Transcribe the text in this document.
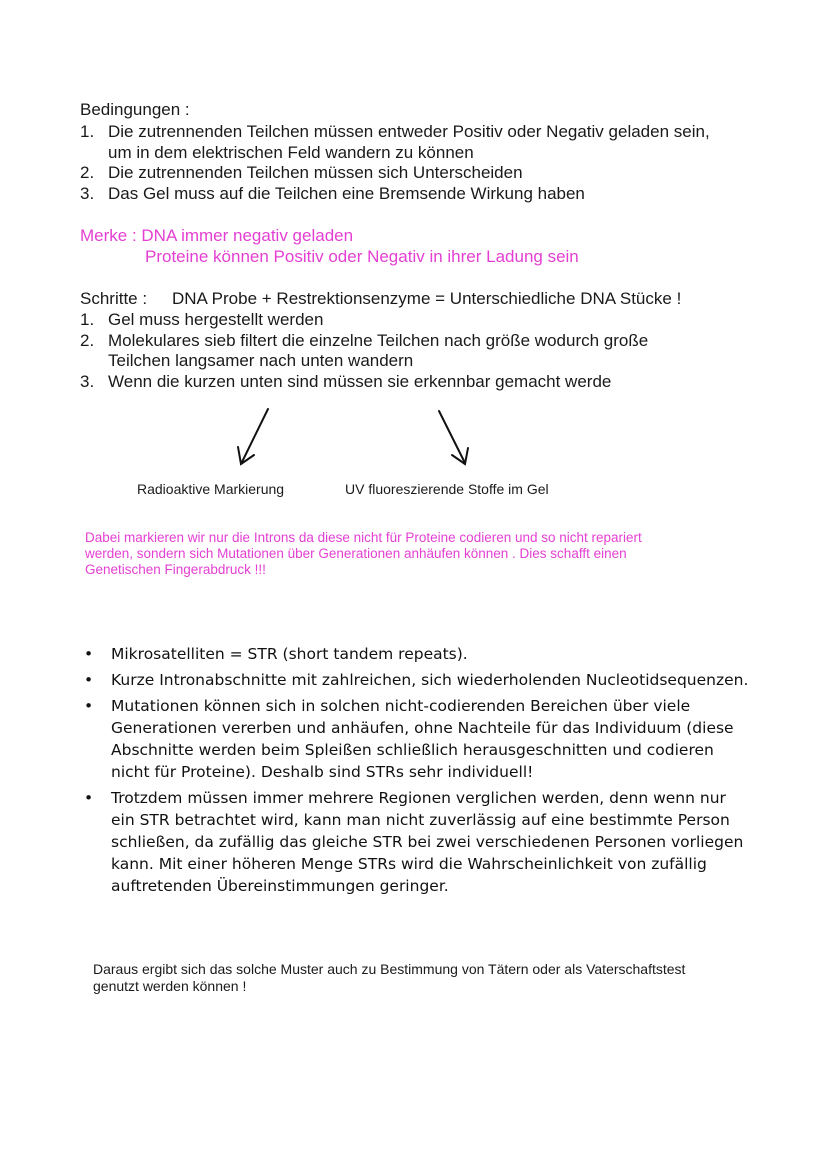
Bedingungen :
1. Die zutrennenden Teilchen müssen entweder Positiv oder Negativ geladen sein,
um in dem elektrischen Feld wandern zu können
2. Die zutrennenden Teilchen müssen sich Unterscheiden
3. Das Gel muss auf die Teilchen eine Bremsende Wirkung haben
Merke : DNA immer negativ geladen
Proteine können Positiv oder Negativ in ihrer Ladung sein
Schritte : DNA Probe + Restrektionsenzyme = Unterschiedliche DNA Stücke !
1. Gel muss hergestellt werden
2. Molekulares sieb filtert die einzelne Teilchen nach größe wodurch große
Teilchen langsamer nach unten wandern
3. Wenn die kurzen unten sind müssen sie erkennbar gemacht werde
Radioaktive Markierung	UV fluoreszierende Stoffe im Gel
Dabei markieren wir nur die Introns da diese nicht für Proteine codieren und so nicht repariert
werden, sondern sich Mutationen über Generationen anhäufen können . Dies schafft einen
Genetischen Fingerabdruck !!!
• Mikrosatelliten = STR (short tandem repeats).
• Kurze Intronabschnitte mit zahlreichen, sich wiederholenden Nucleotidsequenzen.
• Mutationen können sich in solchen nicht-codierenden Bereichen über viele
Generationen vererben und anhäufen, ohne Nachteile für das Individuum (diese
Abschnitte werden beim Spleißen schließlich herausgeschnitten und codieren
nicht für Proteine). Deshalb sind STRs sehr individuell!
• Trotzdem müssen immer mehrere Regionen verglichen werden, denn wenn nur
ein STR betrachtet wird, kann man nicht zuverlässig auf eine bestimmte Person
schließen, da zufällig das gleiche STR bei zwei verschiedenen Personen vorliegen
kann. Mit einer höheren Menge STRs wird die Wahrscheinlichkeit von zufällig
auftretenden Übereinstimmungen geringer.
Daraus ergibt sich das solche Muster auch zu Bestimmung von Tätern oder als Vaterschaftstest
genutzt werden können !
